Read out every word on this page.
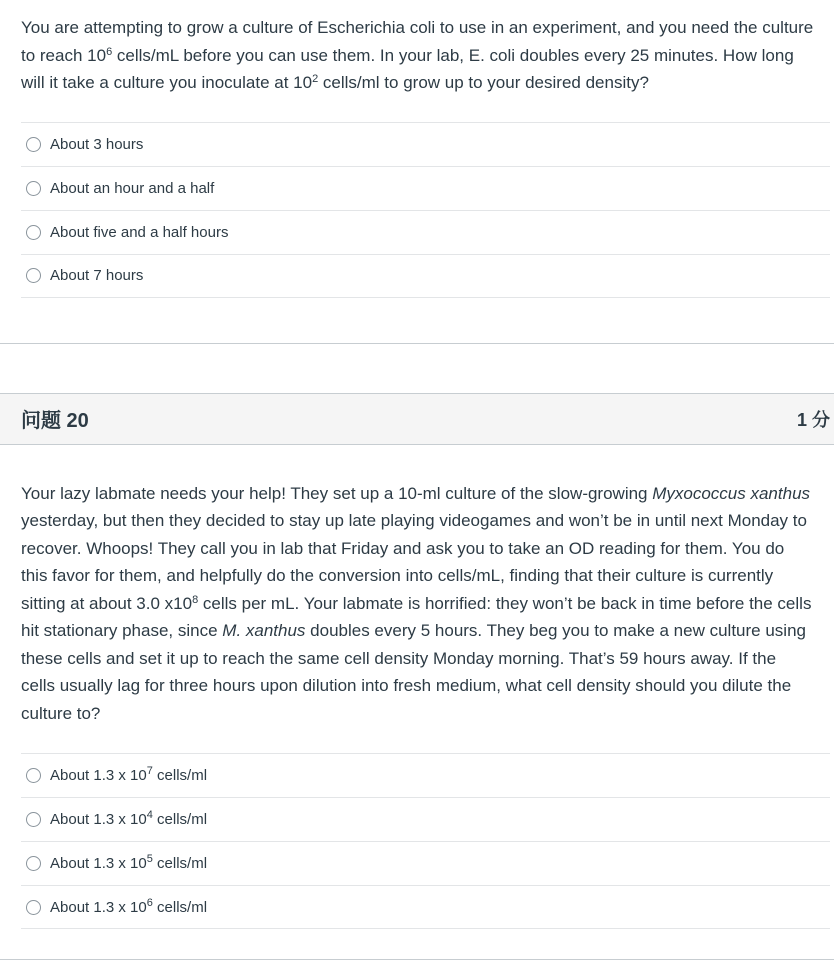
You are attempting to grow a culture of Escherichia coli to use in an experiment, and you need the culture to reach $10^6$ cells/mL before you can use them. In your lab, E. coli doubles every 25 minutes. How long will it take a culture you inoculate at $10^2$ cells/ml to grow up to your desired density?

About 3 hours
About an hour and a half
About five and a half hours
About 7 hours
问题 20	1 分

Your lazy labmate needs your help! They set up a 10-ml culture of the slow-growing Myxococcus xanthus yesterday, but then they decided to stay up late playing videogames and won’t be in until next Monday to recover. Whoops! They call you in lab that Friday and ask you to take an OD reading for them. You do this favor for them, and helpfully do the conversion into cells/mL, finding that their culture is currently sitting at about 3.0 $x10^8$ cells per mL. Your labmate is horrified: they won’t be back in time before the cells hit stationary phase, since M. xanthus doubles every 5 hours. They beg you to make a new culture using these cells and set it up to reach the same cell density Monday morning. That’s 59 hours away. If the cells usually lag for three hours upon dilution into fresh medium, what cell density should you dilute the culture to?

About 1.3 x $10^7$ cells/ml
About 1.3 x $10^4$ cells/ml
About 1.3 x $10^5$ cells/ml
About 1.3 x $10^6$ cells/ml
